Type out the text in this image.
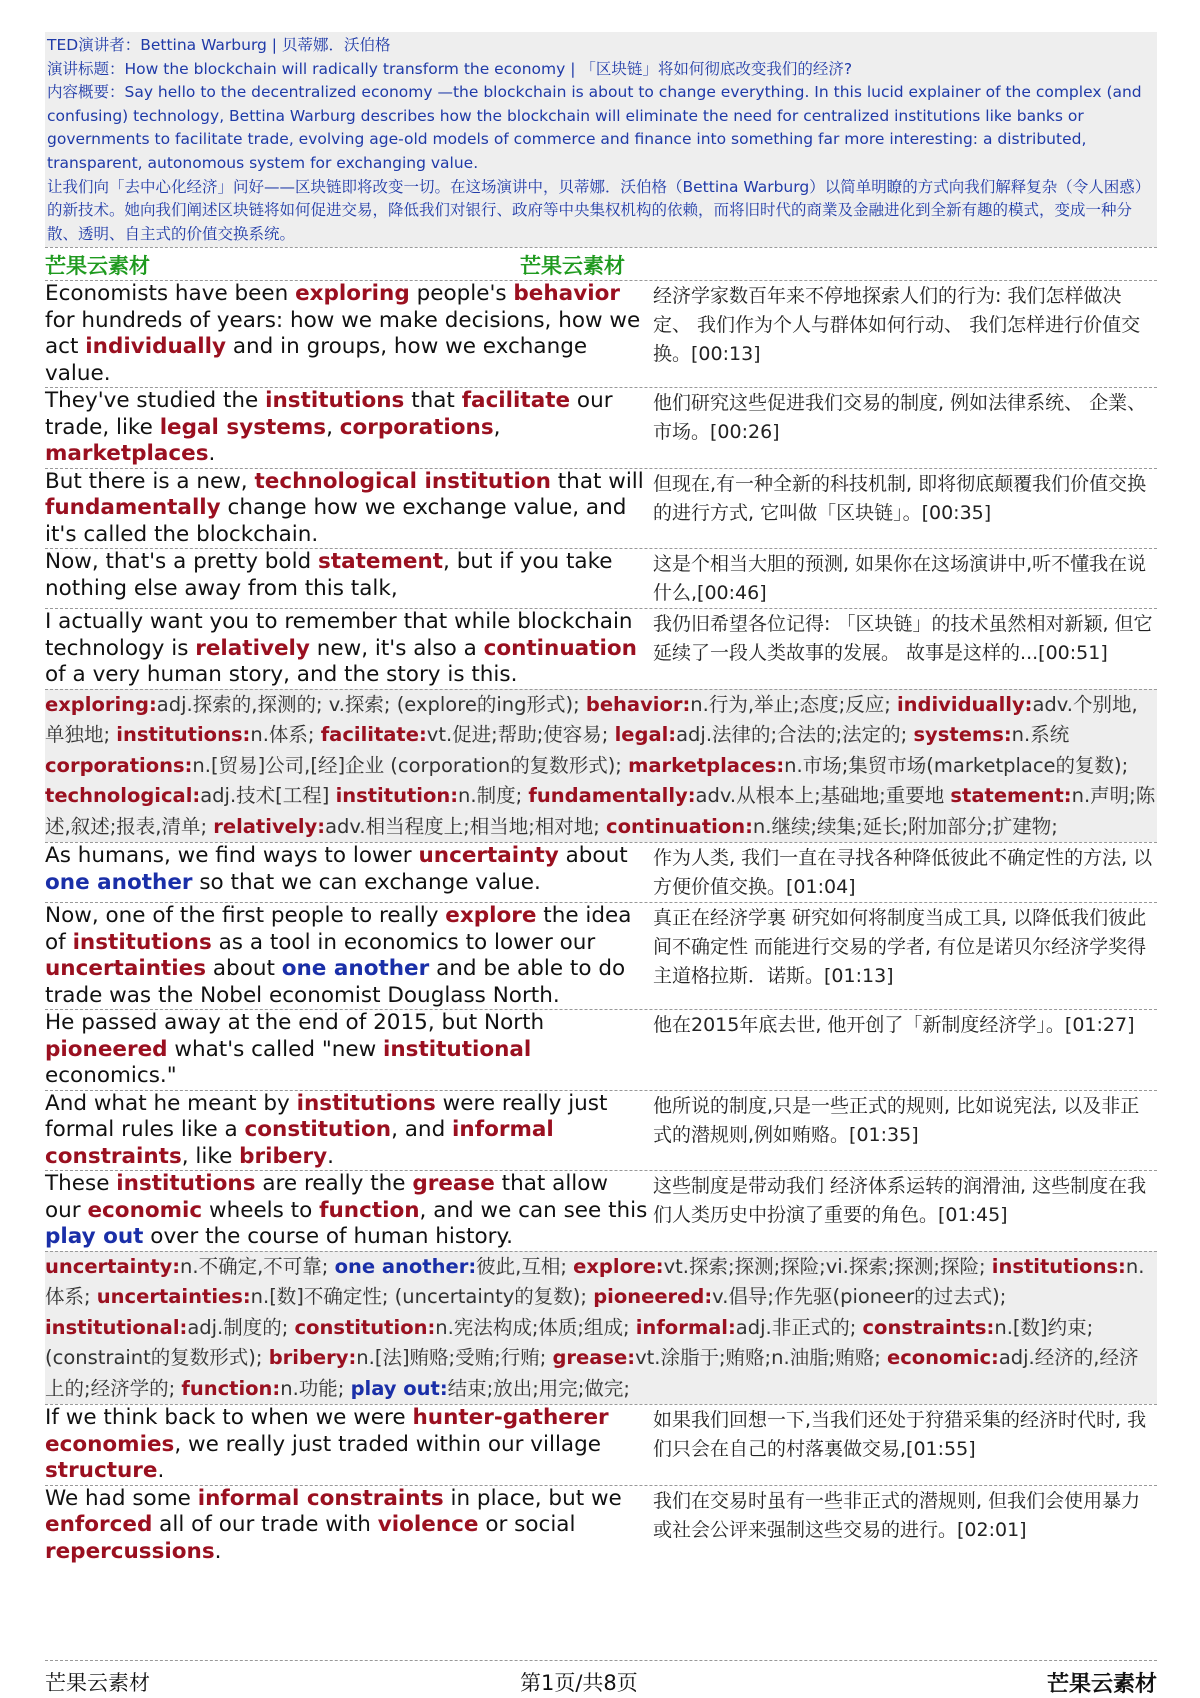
TED演讲者：Bettina Warburg | 贝蒂娜．沃伯格

演讲标题：How the blockchain will radically transform the economy | 「区块链」将如何彻底改变我们的经济?

内容概要：Say hello to the decentralized economy —the blockchain is about to change everything. In this lucid explainer of the complex (and confusing) technology, Bettina Warburg describes how the blockchain will eliminate the need for centralized institutions like banks or governments to facilitate trade, evolving age-old models of commerce and finance into something far more interesting: a distributed, transparent, autonomous system for exchanging value.

让我们向「去中心化经济」问好——区块链即将改变一切。在这场演讲中，贝蒂娜．沃伯格（Bettina Warburg）以简单明瞭的方式向我们解释复杂（令人困惑）的新技术。她向我们阐述区块链将如何促进交易，降低我们对银行、政府等中央集权机构的依赖，而将旧时代的商業及金融进化到全新有趣的模式，变成一种分散、透明、自主式的价值交换系统。

芒果云素材	芒果云素材
Economists have been exploring people's behavior for hundreds of years: how we make decisions, how we act individually and in groups, how we exchange value.
经济学家数百年来不停地探索人们的行为: 我们怎样做决定、 我们作为个人与群体如何行动、 我们怎样进行价值交换。[00:13]
They've studied the institutions that facilitate our trade, like legal systems, corporations, marketplaces.
他们研究这些促进我们交易的制度, 例如法律系统、 企業、 市场。[00:26]
But there is a new, technological institution that will fundamentally change how we exchange value, and it's called the blockchain.
但现在,有一种全新的科技机制, 即将彻底颠覆我们价值交换的进行方式, 它叫做「区块链」。[00:35]
Now, that's a pretty bold statement, but if you take nothing else away from this talk,
这是个相当大胆的预测, 如果你在这场演讲中,听不懂我在说什么,[00:46]
I actually want you to remember that while blockchain technology is relatively new, it's also a continuation of a very human story, and the story is this.
我仍旧希望各位记得: 「区块链」的技术虽然相对新颖, 但它延续了一段人类故事的发展。 故事是这样的...[00:51]
exploring:adj.探索的,探测的; v.探索; (explore的ing形式); behavior:n.行为,举止;态度;反应; individually:adv.个别地,单独地; institutions:n.体系; facilitate:vt.促进;帮助;使容易; legal:adj.法律的;合法的;法定的; systems:n.系统 corporations:n.[贸易]公司,[经]企业 (corporation的复数形式); marketplaces:n.市场;集贸市场(marketplace的复数); technological:adj.技术[工程] institution:n.制度; fundamentally:adv.从根本上;基础地;重要地 statement:n.声明;陈述,叙述;报表,清单; relatively:adv.相当程度上;相当地;相对地; continuation:n.继续;续集;延长;附加部分;扩建物;
As humans, we find ways to lower uncertainty about one another so that we can exchange value.
作为人类, 我们一直在寻找各种降低彼此不确定性的方法, 以方便价值交换。[01:04]
Now, one of the first people to really explore the idea of institutions as a tool in economics to lower our uncertainties about one another and be able to do trade was the Nobel economist Douglass North.
真正在经济学裏 研究如何将制度当成工具, 以降低我们彼此间不确定性 而能进行交易的学者, 有位是诺贝尔经济学奖得主道格拉斯．诺斯。[01:13]
He passed away at the end of 2015, but North pioneered what's called "new institutional economics."
他在2015年底去世, 他开创了「新制度经济学」。[01:27]
And what he meant by institutions were really just formal rules like a constitution, and informal constraints, like bribery.
他所说的制度,只是一些正式的规则, 比如说宪法, 以及非正式的潜规则,例如贿赂。[01:35]
These institutions are really the grease that allow our economic wheels to function, and we can see this play out over the course of human history.
这些制度是带动我们 经济体系运转的润滑油, 这些制度在我们人类历史中扮演了重要的角色。[01:45]
uncertainty:n.不确定,不可靠; one another:彼此,互相; explore:vt.探索;探测;探险;vi.探索;探测;探险; institutions:n.体系; uncertainties:n.[数]不确定性; (uncertainty的复数); pioneered:v.倡导;作先驱(pioneer的过去式); institutional:adj.制度的; constitution:n.宪法构成;体质;组成; informal:adj.非正式的; constraints:n.[数]约束; (constraint的复数形式); bribery:n.[法]贿赂;受贿;行贿; grease:vt.涂脂于;贿赂;n.油脂;贿赂; economic:adj.经济的,经济上的;经济学的; function:n.功能; play out:结束;放出;用完;做完;
If we think back to when we were hunter-gatherer economies, we really just traded within our village structure.
如果我们回想一下,当我们还处于狩猎采集的经济时代时, 我们只会在自己的村落裏做交易,[01:55]
We had some informal constraints in place, but we enforced all of our trade with violence or social repercussions.
我们在交易时虽有一些非正式的潜规则, 但我们会使用暴力 或社会公评来强制这些交易的进行。[02:01]
芒果云素材	第1页/共8页	芒果云素材
